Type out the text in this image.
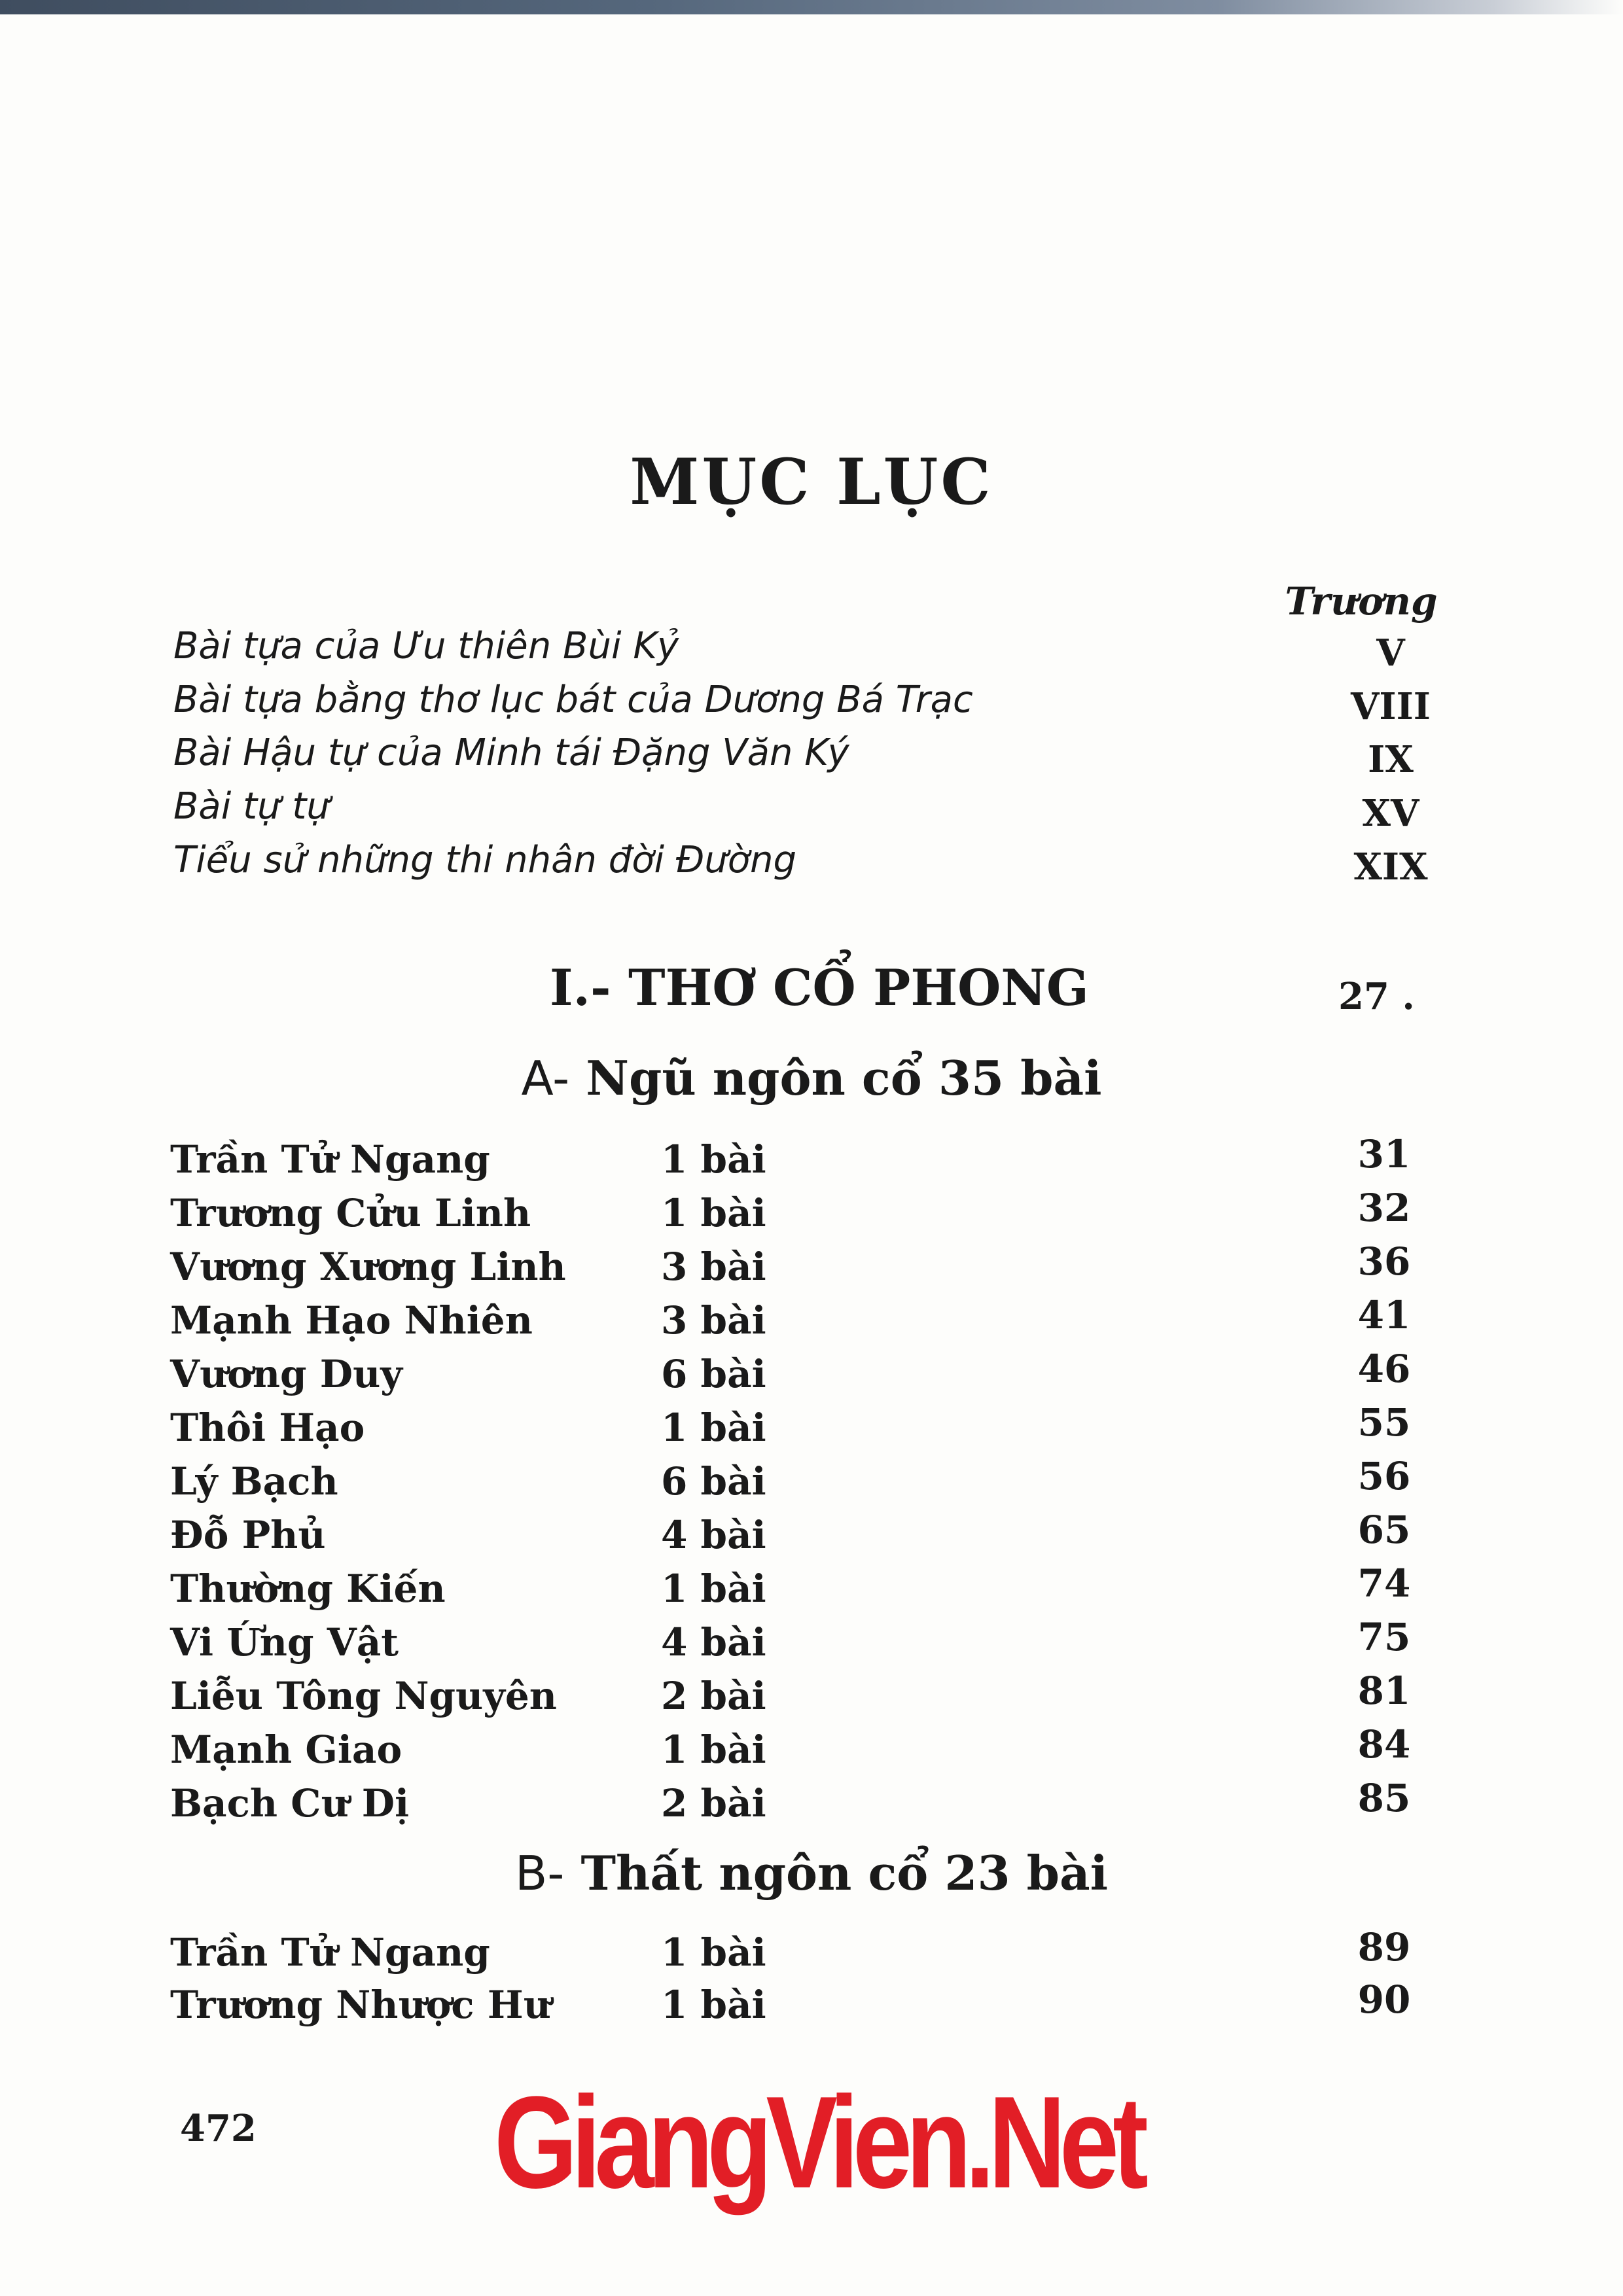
MỤC LỤC
Trương
Bài tựa của Ưu thiên Bùi Kỷ	V
Bài tựa bằng thơ lục bát của Dương Bá Trạc	VIII
Bài Hậu tự của Minh tái Đặng Văn Ký	IX
Bài tự tự	XV
Tiểu sử những thi nhân đời Đường	XIX
I.- THƠ CỔ PHONG	27 .
A- Ngũ ngôn cổ 35 bài
Trần Tử Ngang	1 bài	31
Trương Cửu Linh	1 bài	32
Vương Xương Linh	3 bài	36
Mạnh Hạo Nhiên	3 bài	41
Vương Duy	6 bài	46
Thôi Hạo	1 bài	55
Lý Bạch	6 bài	56
Đỗ Phủ	4 bài	65
Thường Kiến	1 bài	74
Vi Ứng Vật	4 bài	75
Liễu Tông Nguyên	2 bài	81
Mạnh Giao	1 bài	84
Bạch Cư Dị	2 bài	85
B- Thất ngôn cổ 23 bài
Trần Tử Ngang	1 bài	89
Trương Nhược Hư	1 bài	90
472 GiangVien.Net
